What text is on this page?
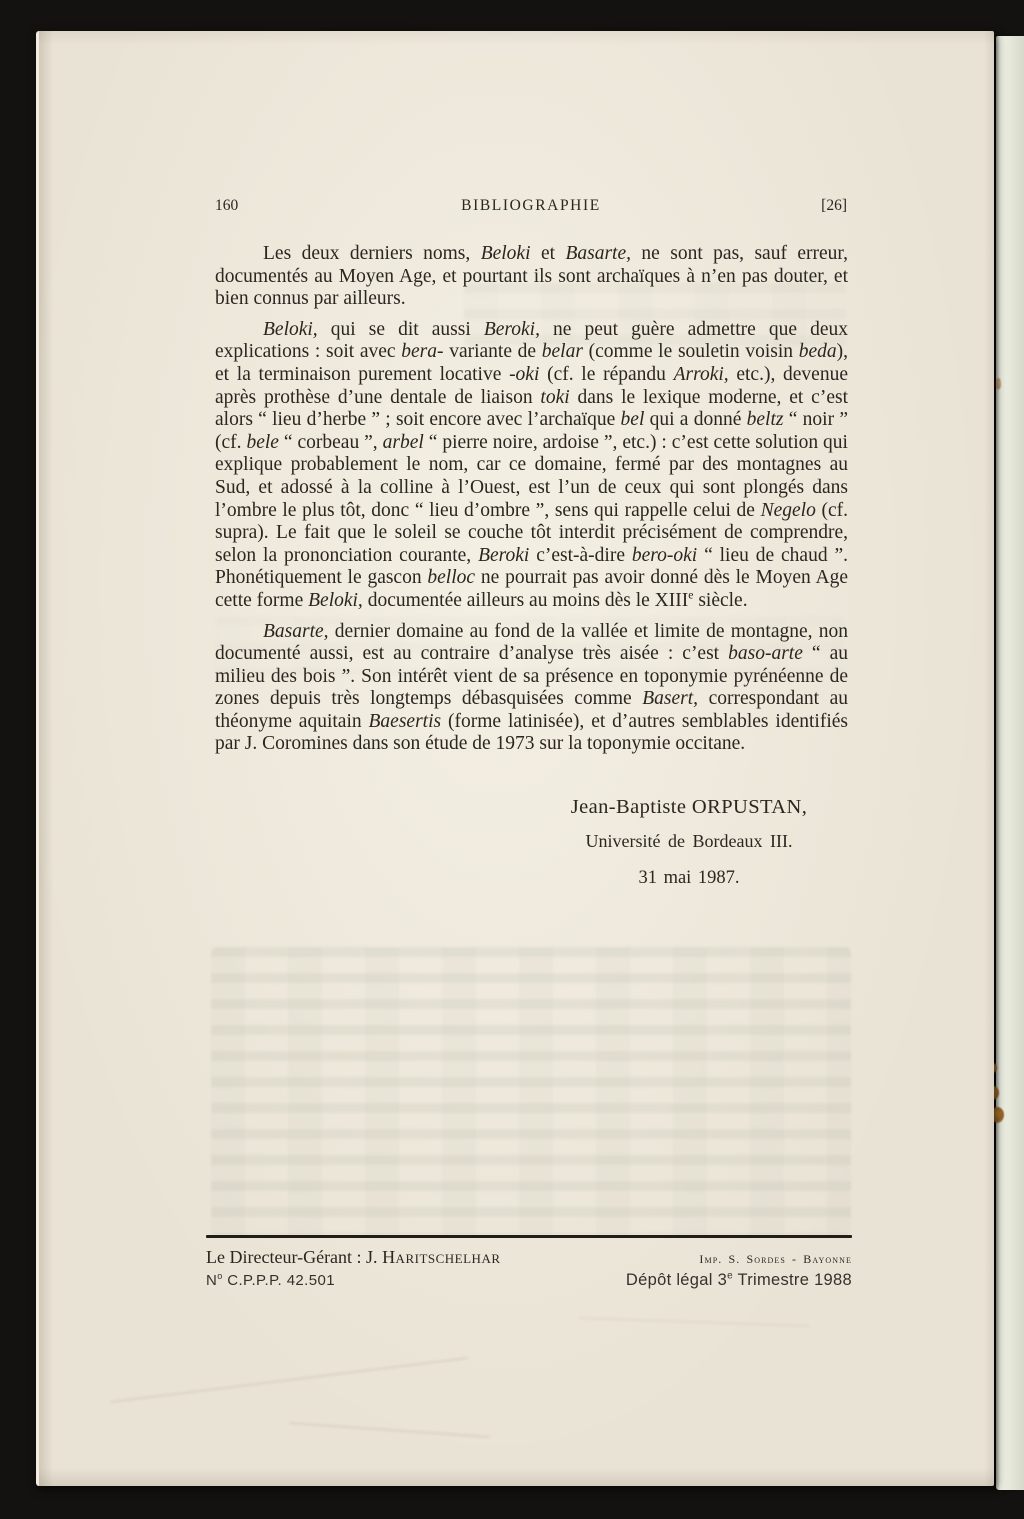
160	BIBLIOGRAPHIE	[26]

Les deux derniers noms, Beloki et Basarte, ne sont pas, sauf erreur, documentés au Moyen Age, et pourtant ils sont archaïques à n’en pas douter, et bien connus par ailleurs.

Beloki, qui se dit aussi Beroki, ne peut guère admettre que deux explications : soit avec bera- variante de belar (comme le souletin voisin beda), et la terminaison purement locative -oki (cf. le répandu Arroki, etc.), devenue après prothèse d’une dentale de liaison toki dans le lexique moderne, et c’est alors “ lieu d’herbe ” ; soit encore avec l’archaïque bel qui a donné beltz “ noir ” (cf. bele “ corbeau ”, arbel “ pierre noire, ardoise ”, etc.) : c’est cette solution qui explique probablement le nom, car ce domaine, fermé par des montagnes au Sud, et adossé à la colline à l’Ouest, est l’un de ceux qui sont plongés dans l’ombre le plus tôt, donc “ lieu d’ombre ”, sens qui rappelle celui de Negelo (cf. supra). Le fait que le soleil se couche tôt interdit précisément de comprendre, selon la prononciation courante, Beroki c’est-à-dire bero-oki “ lieu de chaud ”. Phonétiquement le gascon belloc ne pourrait pas avoir donné dès le Moyen Age cette forme Beloki, documentée ailleurs au moins dès le XIIIe siècle.

Basarte, dernier domaine au fond de la vallée et limite de montagne, non documenté aussi, est au contraire d’analyse très aisée : c’est baso-arte “ au milieu des bois ”. Son intérêt vient de sa présence en toponymie pyrénéenne de zones depuis très longtemps débasquisées comme Basert, correspondant au théonyme aquitain Baesertis (forme latinisée), et d’autres semblables identifiés par J. Coromines dans son étude de 1973 sur la toponymie occitane.

Jean-Baptiste ORPUSTAN,
Université de Bordeaux III.
31 mai 1987.
Le Directeur-Gérant : J. Haritschelhar	Imp. S. Sordes - Bayonne
$N^o$ C.P.P.P. 42.501	Dépôt légal 3e Trimestre 1988
